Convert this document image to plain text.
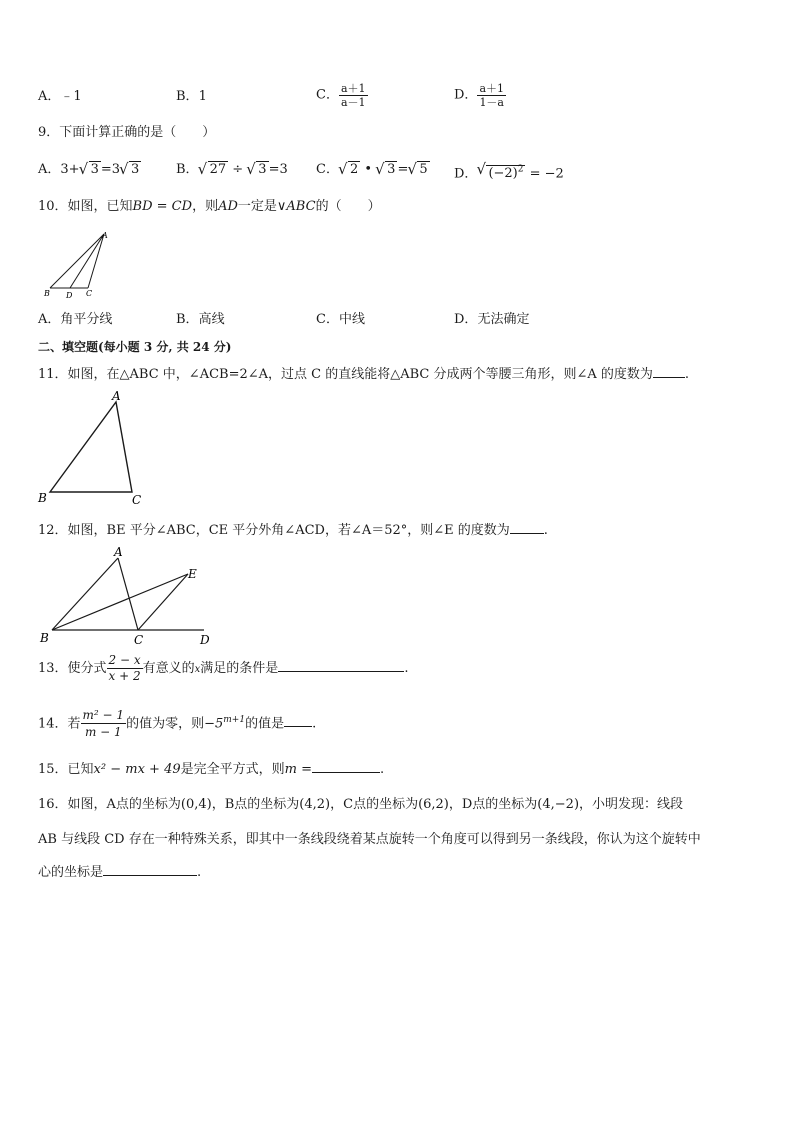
A．﹣1	B．1	C． $\frac{a+1}{a-1}$	D． $\frac{a+1}{1-a}$
9．下面计算正确的是（　　）
A．3+ √ 3 =3 √ 3	B． √ 27 ÷ √ 3 =3 C． √ 2 • √ 3 = √ 5 D． √ $(-2)^2 = -2$
10．如图，已知BD = CD，则AD一定是∨ABC的（　　）
A
B D C
A．角平分线	B．高线	C．中线	D．无法确定
二、填空题(每小题 3 分, 共 24 分)
11．如图，在△ABC 中，∠ACB=2∠A，过点 C 的直线能将△ABC 分成两个等腰三角形，则∠A 的度数为 .
A
B	C
12．如图，BE 平分∠ABC，CE 平分外角∠ACD，若∠A＝52°，则∠E 的度数为	.
A
B	C	D
E
13．使分式 $\frac{2 - x}{x + 2}$ 有意义的x满足的条件是	.
14．若 $\frac{\text{m² − 1}}{m - 1}$ 的值为零，则$-5^{m+1}$的值是 .
15．已知x² − mx + 49是完全平方式，则m =	.
16．如图，A点的坐标为(0,4)，B点的坐标为(4,2)，C点的坐标为(6,2)，D点的坐标为(4,−2)，小明发现：线段
AB 与线段 CD 存在一种特殊关系，即其中一条线段绕着某点旋转一个角度可以得到另一条线段，你认为这个旋转中
心的坐标是	.
